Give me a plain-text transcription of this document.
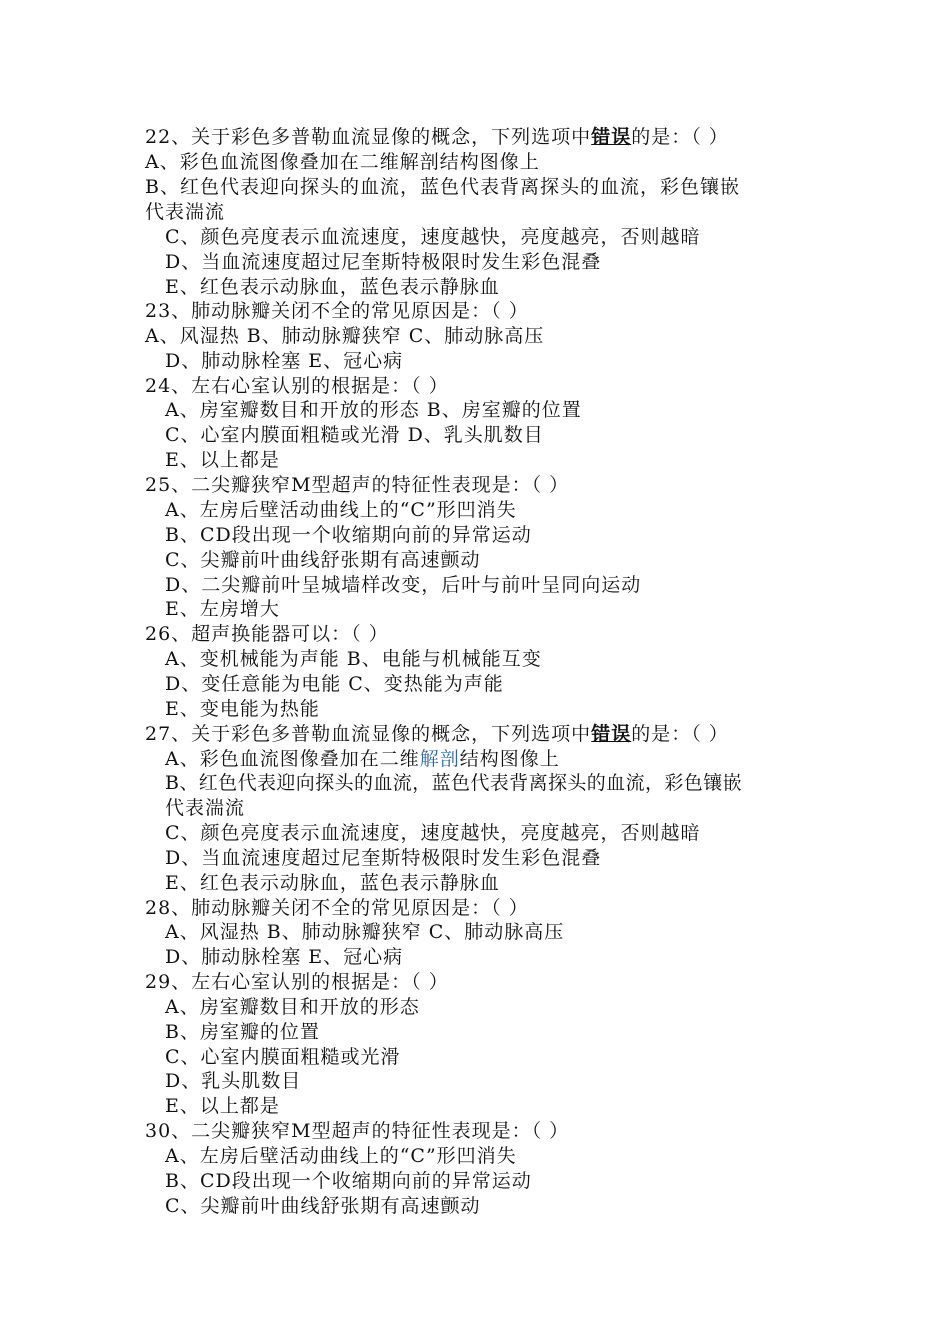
22、关于彩色多普勒血流显像的概念，下列选项中错误的是：（ ）
A、彩色血流图像叠加在二维解剖结构图像上
B、红色代表迎向探头的血流，蓝色代表背离探头的血流，彩色镶嵌
代表湍流
C、颜色亮度表示血流速度，速度越快，亮度越亮，否则越暗
D、当血流速度超过尼奎斯特极限时发生彩色混叠
E、红色表示动脉血，蓝色表示静脉血
23、肺动脉瓣关闭不全的常见原因是：（ ）
A、风湿热 B、肺动脉瓣狭窄 C、肺动脉高压
D、肺动脉栓塞 E、冠心病
24、左右心室认别的根据是：（ ）
A、房室瓣数目和开放的形态 B、房室瓣的位置
C、心室内膜面粗糙或光滑 D、乳头肌数目
E、以上都是
25、二尖瓣狭窄M型超声的特征性表现是：（ ）
A、左房后壁活动曲线上的“C”形凹消失
B、CD段出现一个收缩期向前的异常运动
C、尖瓣前叶曲线舒张期有高速颤动
D、二尖瓣前叶呈城墙样改变，后叶与前叶呈同向运动
E、左房增大
26、超声换能器可以：（ ）
A、变机械能为声能 B、电能与机械能互变
D、变任意能为电能 C、变热能为声能
E、变电能为热能
27、关于彩色多普勒血流显像的概念，下列选项中错误的是：（ ）
A、彩色血流图像叠加在二维解剖结构图像上
B、红色代表迎向探头的血流，蓝色代表背离探头的血流，彩色镶嵌
代表湍流
C、颜色亮度表示血流速度，速度越快，亮度越亮，否则越暗
D、当血流速度超过尼奎斯特极限时发生彩色混叠
E、红色表示动脉血，蓝色表示静脉血
28、肺动脉瓣关闭不全的常见原因是：（ ）
A、风湿热 B、肺动脉瓣狭窄 C、肺动脉高压
D、肺动脉栓塞 E、冠心病
29、左右心室认别的根据是：（ ）
A、房室瓣数目和开放的形态
B、房室瓣的位置
C、心室内膜面粗糙或光滑
D、乳头肌数目
E、以上都是
30、二尖瓣狭窄M型超声的特征性表现是：（ ）
A、左房后壁活动曲线上的“C”形凹消失
B、CD段出现一个收缩期向前的异常运动
C、尖瓣前叶曲线舒张期有高速颤动
